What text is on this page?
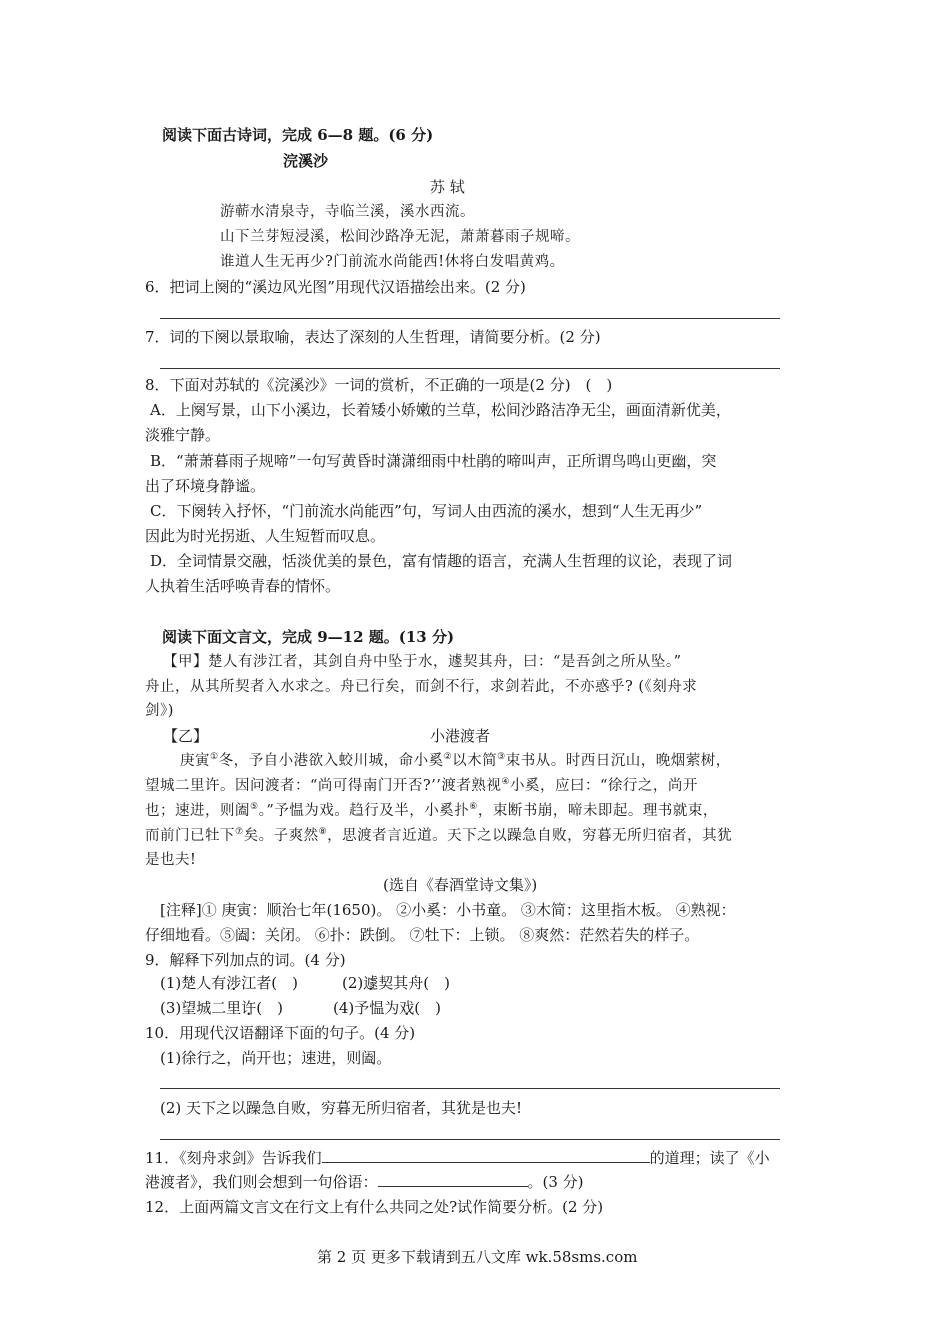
阅读下面古诗词，完成 6—8 题。(6 分)
浣溪沙
苏 轼
游蕲水清泉寺，寺临兰溪，溪水西流。
山下兰芽短浸溪，松间沙路净无泥，萧萧暮雨子规啼。
谁道人生无再少?门前流水尚能西!休将白发唱黄鸡。
6．把词上阕的“溪边风光图”用现代汉语描绘出来。(2 分)
7．词的下阕以景取喻，表达了深刻的人生哲理，请简要分析。(2 分)
8．下面对苏轼的《浣溪沙》一词的赏析，不正确的一项是(2 分)　(　)
A．上阕写景，山下小溪边，长着矮小娇嫩的兰草，松间沙路洁净无尘，画面清新优美，
淡雅宁静。
B．“萧萧暮雨子规啼”一句写黄昏时潇潇细雨中杜鹃的啼叫声，正所谓鸟鸣山更幽，突
出了环境身静谧。
C．下阕转入抒怀，“门前流水尚能西”句，写词人由西流的溪水，想到“人生无再少”
因此为时光拐逝、人生短暂而叹息。
D．全词情景交融，恬淡优美的景色，富有情趣的语言，充满人生哲理的议论，表现了词
人执着生活呼唤青春的情怀。
阅读下面文言文，完成 9—12 题。(13 分)
【甲】楚人有涉江者，其剑自舟中坠于水，遽契其舟，曰：“是吾剑之所从坠。”
舟止，从其所契者入水求之。舟已行矣，而剑不行，求剑若此，不亦惑乎? (《刻舟求
剑》)
【乙】	小港渡者
庚寅①冬，予自小港欲入蛟川城，命小奚②以木简③束书从。时西日沉山，晚烟萦树，
望城二里许。因问渡者：“尚可得南门开否?’’渡者熟视④小奚，应曰：“徐行之，尚开
也；速进，则阖⑤。”予愠为戏。趋行及半，小奚扑⑥，束断书崩，啼未即起。理书就束，
而前门已牡下⑦矣。子爽然⑧，思渡者言近道。天下之以躁急自败，穷暮无所归宿者，其犹
是也夫!
(选自《春酒堂诗文集》)
[注释]① 庚寅：顺治七年(1650)。 ②小奚：小书童。 ③木简：这里指木板。 ④熟视：
仔细地看。⑤阖：关闭。 ⑥扑：跌倒。 ⑦牡下：上锁。 ⑧爽然：茫然若失的样子。
9．解释下列加点的词。(4 分)
(1)楚人有涉江者(　)	(2)遽契其舟(　)
(3)望城二里许(　)	(4)予愠为戏(　)
10．用现代汉语翻译下面的句子。(4 分)
(1)徐行之，尚开也；速进，则阖。
(2) 天下之以躁急自败，穷暮无所归宿者，其犹是也夫!
11．《刻舟求剑》告诉我们	的道理；读了《小
港渡者》，我们则会想到一句俗语：	。(3 分)
12．上面两篇文言文在行文上有什么共同之处?试作简要分析。(2 分)
第 2 页 更多下载请到五八文库 wk.58sms.com
